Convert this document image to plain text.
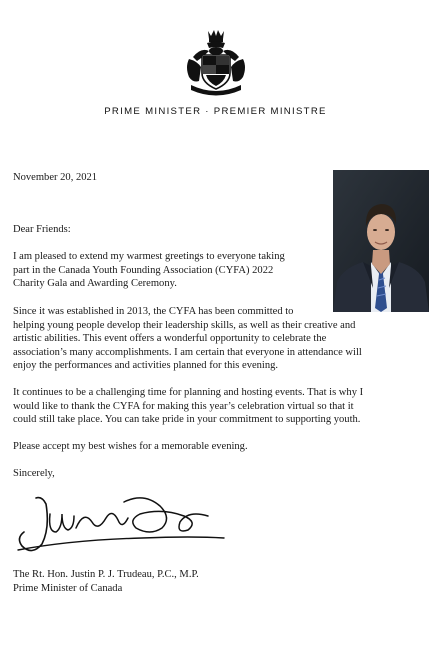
PRIME MINISTER · PREMIER MINISTRE

November 20, 2021

Dear Friends:

I am pleased to extend my warmest greetings to everyone taking
part in the Canada Youth Founding Association (CYFA) 2022
Charity Gala and Awarding Ceremony.

Since it was established in 2013, the CYFA has been committed to
helping young people develop their leadership skills, as well as their creative and
artistic abilities. This event offers a wonderful opportunity to celebrate the
association’s many accomplishments. I am certain that everyone in attendance will
enjoy the performances and activities planned for this evening.

It continues to be a challenging time for planning and hosting events. That is why I
would like to thank the CYFA for making this year’s celebration virtual so that it
could still take place. You can take pride in your commitment to supporting youth.

Please accept my best wishes for a memorable evening.

Sincerely,

The Rt. Hon. Justin P. J. Trudeau, P.C., M.P.

Prime Minister of Canada
